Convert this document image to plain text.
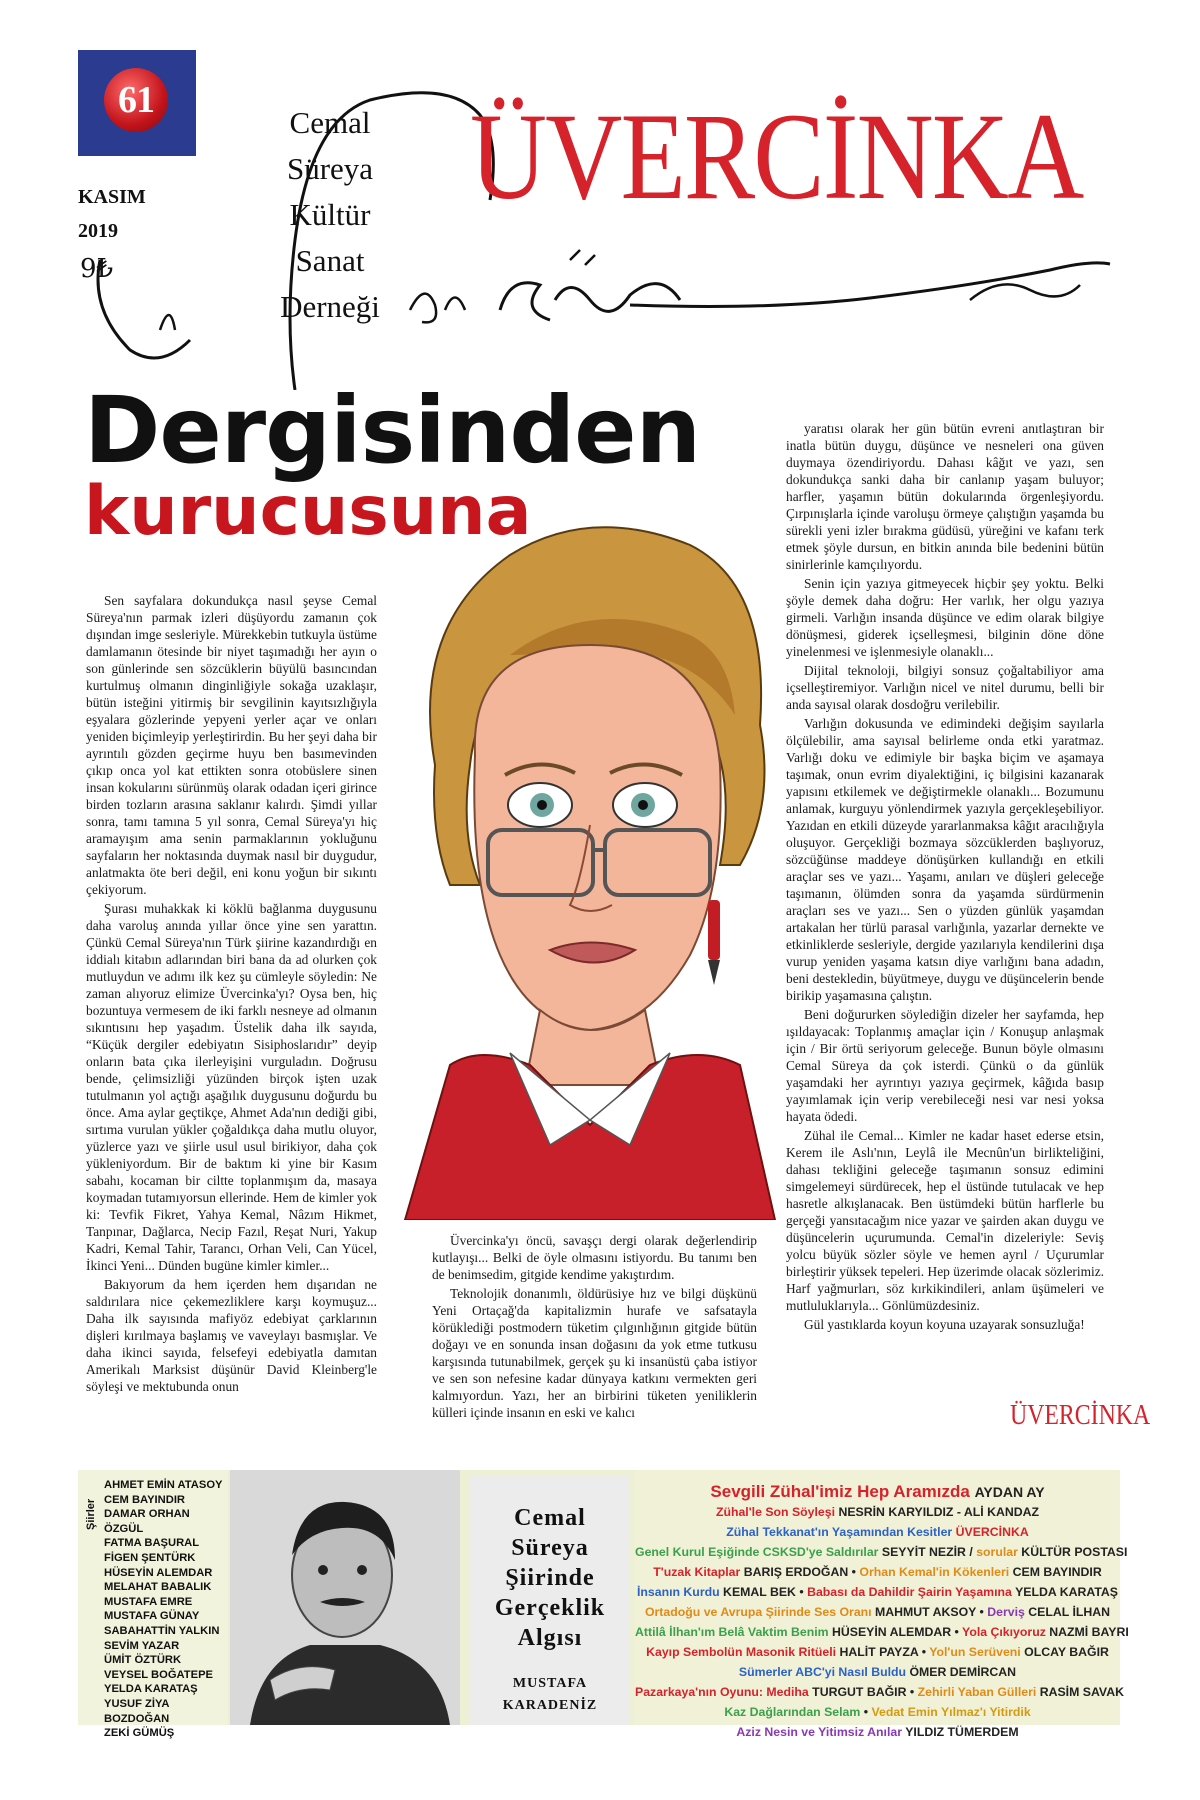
61
KASIM
2019
9₺
Cemal
Süreya
Kültür
Sanat
Derneği
ÜVERCİNKA
Dergisinden
kurucusuna

Sen sayfalara dokundukça nasıl şeyse Cemal Süreya'nın parmak izleri düşüyordu zamanın çok dışından imge sesleriyle. Mürekkebin tutkuyla üstüme damlamanın ötesinde bir niyet taşımadığı her ayın o son günlerinde sen sözcüklerin büyülü basıncından kurtulmuş olmanın dinginliğiyle sokağa uzaklaşır, bütün isteğini yitirmiş bir sevgilinin kayıtsızlığıyla eşyalara gözlerinde yepyeni yerler açar ve onları yeniden biçimleyip yerleştirirdin. Bu her şeyi daha bir ayrıntılı gözden geçirme huyu ben basımevinden çıkıp onca yol kat ettikten sonra otobüslere sinen insan kokularını sürünmüş olarak odadan içeri girince birden tozların arasına saklanır kalırdı. Şimdi yıllar sonra, tamı tamına 5 yıl sonra, Cemal Süreya'yı hiç aramayışım ama senin parmaklarının yokluğunu sayfaların her noktasında duymak nasıl bir duygudur, anlatmakta öte beri değil, eni konu yoğun bir sıkıntı çekiyorum.

Şurası muhakkak ki köklü bağlanma duygusunu daha varoluş anında yıllar önce yine sen yarattın. Çünkü Cemal Süreya'nın Türk şiirine kazandırdığı en iddialı kitabın adlarından biri bana da ad olurken çok mutluydun ve adımı ilk kez şu cümleyle söyledin: Ne zaman alıyoruz elimize Üvercinka'yı? Oysa ben, hiç bozuntuya vermesem de iki farklı nesneye ad olmanın sıkıntısını hep yaşadım. Üstelik daha ilk sayıda, “Küçük dergiler edebiyatın Sisiphoslarıdır” deyip onların bata çıka ilerleyişini vurguladın. Doğrusu bende, çelimsizliği yüzünden birçok işten uzak tutulmanın yol açtığı aşağılık duygusunu doğurdu bu önce. Ama aylar geçtikçe, Ahmet Ada'nın dediği gibi, sırtıma vurulan yükler çoğaldıkça daha mutlu oluyor, yüzlerce yazı ve şiirle usul usul birikiyor, daha çok yükleniyordum. Bir de baktım ki yine bir Kasım sabahı, kocaman bir ciltte toplanmışım da, masaya koymadan tutamıyorsun ellerinde. Hem de kimler yok ki: Tevfik Fikret, Yahya Kemal, Nâzım Hikmet, Tanpınar, Dağlarca, Necip Fazıl, Reşat Nuri, Yakup Kadri, Kemal Tahir, Tarancı, Orhan Veli, Can Yücel, İkinci Yeni... Dünden bugüne kimler kimler...

Bakıyorum da hem içerden hem dışarıdan ne saldırılara nice çekemezliklere karşı koymuşuz... Daha ilk sayısında mafiyöz edebiyat çarklarının dişleri kırılmaya başlamış ve vaveylayı basmışlar. Ve daha ikinci sayıda, felsefeyi edebiyatla damıtan Amerikalı Marksist düşünür David Kleinberg'le söyleşi ve mektubunda onun

Üvercinka'yı öncü, savaşçı dergi olarak değerlendirip kutlayışı... Belki de öyle olmasını istiyordu. Bu tanımı ben de benimsedim, gitgide kendime yakıştırdım.

Teknolojik donanımlı, öldürüsiye hız ve bilgi düşkünü Yeni Ortaçağ'da kapitalizmin hurafe ve safsatayla körüklediği postmodern tüketim çılgınlığının gitgide bütün doğayı ve en sonunda insan doğasını da yok etme tutkusu karşısında tutunabilmek, gerçek şu ki insanüstü çaba istiyor ve sen son nefesine kadar dünyaya katkını vermekten geri kalmıyordun. Yazı, her an birbirini tüketen yeniliklerin külleri içinde insanın en eski ve kalıcı

yaratısı olarak her gün bütün evreni anıtlaştıran bir inatla bütün duygu, düşünce ve nesneleri ona güven duymaya özendiriyordu. Dahası kâğıt ve yazı, sen dokundukça sanki daha bir canlanıp yaşam buluyor; harfler, yaşamın bütün dokularında örgenleşiyordu. Çırpınışlarla içinde varoluşu örmeye çalıştığın yaşamda bu sürekli yeni izler bırakma güdüsü, yüreğini ve kafanı terk etmek şöyle dursun, en bitkin anında bile bedenini bütün sinirlerinle kamçılıyordu.

Senin için yazıya gitmeyecek hiçbir şey yoktu. Belki şöyle demek daha doğru: Her varlık, her olgu yazıya girmeli. Varlığın insanda düşünce ve edim olarak bilgiye dönüşmesi, giderek içselleşmesi, bilginin döne döne yinelenmesi ve işlenmesiyle olanaklı...

Dijital teknoloji, bilgiyi sonsuz çoğaltabiliyor ama içselleştiremiyor. Varlığın nicel ve nitel durumu, belli bir anda sayısal olarak dosdoğru verilebilir.

Varlığın dokusunda ve edimindeki değişim sayılarla ölçülebilir, ama sayısal belirleme onda etki yaratmaz. Varlığı doku ve edimiyle bir başka biçim ve aşamaya taşımak, onun evrim diyalektiğini, iç bilgisini kazanarak yapısını etkilemek ve değiştirmekle olanaklı... Bozumunu anlamak, kurguyu yönlendirmek yazıyla gerçekleşebiliyor. Yazıdan en etkili düzeyde yararlanmaksa kâğıt aracılığıyla oluşuyor. Gerçekliği bozmaya sözcüklerden başlıyoruz, sözcüğünse maddeye dönüşürken kullandığı en etkili araçlar ses ve yazı... Yaşamı, anıları ve düşleri geleceğe taşımanın, ölümden sonra da yaşamda sürdürmenin araçları ses ve yazı... Sen o yüzden günlük yaşamdan artakalan her türlü parasal varlığınla, yazarlar dernekte ve etkinliklerde sesleriyle, dergide yazılarıyla kendilerini dışa vurup yeniden yaşama katsın diye varlığını bana adadın, beni destekledin, büyütmeye, duygu ve düşüncelerin bende birikip yaşamasına çalıştın.

Beni doğururken söylediğin dizeler her sayfamda, hep ışıldayacak: Toplanmış amaçlar için / Konuşup anlaşmak için / Bir örtü seriyorum geleceğe. Bunun böyle olmasını Cemal Süreya da çok isterdi. Çünkü o da günlük yaşamdaki her ayrıntıyı yazıya geçirmek, kâğıda basıp yayımlamak için verip verebileceği nesi var nesi yoksa hayata ödedi.

Zühal ile Cemal... Kimler ne kadar haset ederse etsin, Kerem ile Aslı'nın, Leylâ ile Mecnûn'un birlikteliğini, dahası tekliğini geleceğe taşımanın sonsuz edimini simgelemeyi sürdürecek, hep el üstünde tutulacak ve hep hasretle alkışlanacak. Ben üstümdeki bütün harflerle bu gerçeği yansıtacağım nice yazar ve şairden akan duygu ve düşüncelerin uçurumunda. Cemal'in dizeleriyle: Seviş yolcu büyük sözler söyle ve hemen ayrıl / Uçurumlar birleştirir yüksek tepeleri. Hep üzerimde olacak sözlerimiz. Harf yağmurları, söz kırkikindileri, anlam üşümeleri ve mutluluklarıyla... Gönlümüzdesiniz.

Gül yastıklarda koyun koyuna uzayarak sonsuzluğa!

ÜVERCİNKA
Şiirler
AHMET EMİN ATASOY
CEM BAYINDIR
DAMAR ORHAN ÖZGÜL
FATMA BAŞURAL
FİGEN ŞENTÜRK
HÜSEYİN ALEMDAR
MELAHAT BABALIK
MUSTAFA EMRE
MUSTAFA GÜNAY
SABAHATTİN YALKIN
SEVİM YAZAR
ÜMİT ÖZTÜRK
VEYSEL BOĞATEPE
YELDA KARATAŞ
YUSUF ZİYA BOZDOĞAN
ZEKİ GÜMÜŞ
Cemal
Süreya
Şiirinde
Gerçeklik
Algısı
MUSTAFA
KARADENİZ
Sevgili Zühal'imiz Hep Aramızda AYDAN AY
Zühal'le Son Söyleşi NESRİN KARYILDIZ - ALİ KANDAZ
Zühal Tekkanat'ın Yaşamından Kesitler ÜVERCİNKA
Genel Kurul Eşiğinde CSKSD'ye Saldırılar SEYYİT NEZİR / sorular KÜLTÜR POSTASI
T'uzak Kitaplar BARIŞ ERDOĞAN • Orhan Kemal'in Kökenleri CEM BAYINDIR
İnsanın Kurdu KEMAL BEK • Babası da Dahildir Şairin Yaşamına YELDA KARATAŞ
Ortadoğu ve Avrupa Şiirinde Ses Oranı MAHMUT AKSOY • Derviş CELAL İLHAN
Attilâ İlhan'ım Belâ Vaktim Benim HÜSEYİN ALEMDAR • Yola Çıkıyoruz NAZMİ BAYRI
Kayıp Sembolün Masonik Ritüeli HALİT PAYZA • Yol'un Serüveni OLCAY BAĞIR
Sümerler ABC'yi Nasıl Buldu ÖMER DEMİRCAN
Pazarkaya'nın Oyunu: Mediha TURGUT BAĞIR • Zehirli Yaban Gülleri RASİM SAVAK
Kaz Dağlarından Selam • Vedat Emin Yılmaz'ı Yitirdik
Aziz Nesin ve Yitimsiz Anılar YILDIZ TÜMERDEM
